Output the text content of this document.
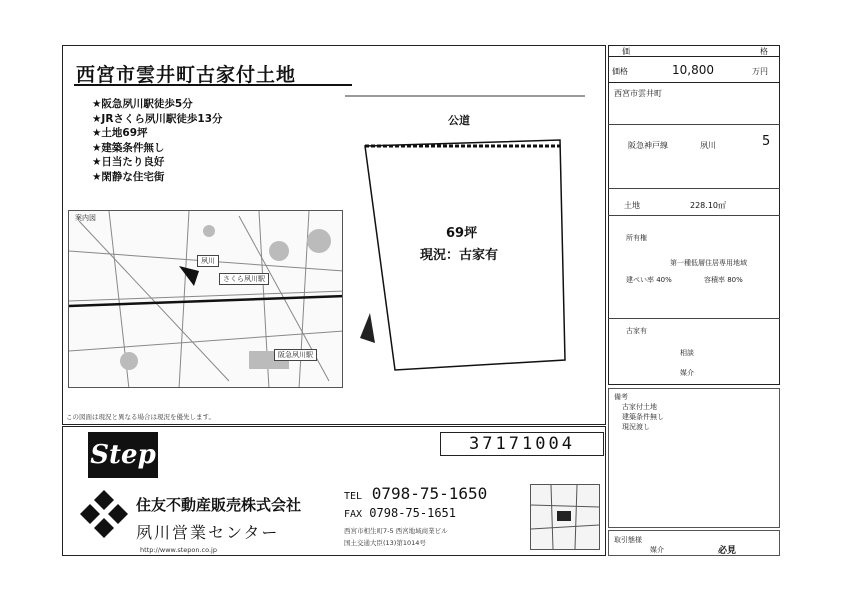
西宮市雲井町古家付土地
★阪急夙川駅徒歩5分
★JRさくら夙川駅徒歩13分
★土地69坪
★建築条件無し
★日当たり良好
★閑静な住宅街
案内図
夙川
さくら夙川駅
阪急夙川駅
公道
69坪
現況：古家有
この図面は現況と異なる場合は現況を優先します。
価	格
価格	10,800	万円
西宮市雲井町
阪急神戸線	夙川	5
土地	228.10㎡
所有権
第一種低層住居専用地域
建ぺい率 40%	容積率 80%
古家有
相談
媒介
備考
古家付土地
建築条件無し
現況渡し
取引態様
媒介	必見
Step	37171004
住友不動産販売株式会社
夙川営業センター
TEL 0798-75-1650
FAX 0798-75-1651
西宮市相生町7-5 西宮地域商業ビル
http://www.stepon.co.jp
国土交通大臣(13)第1014号
